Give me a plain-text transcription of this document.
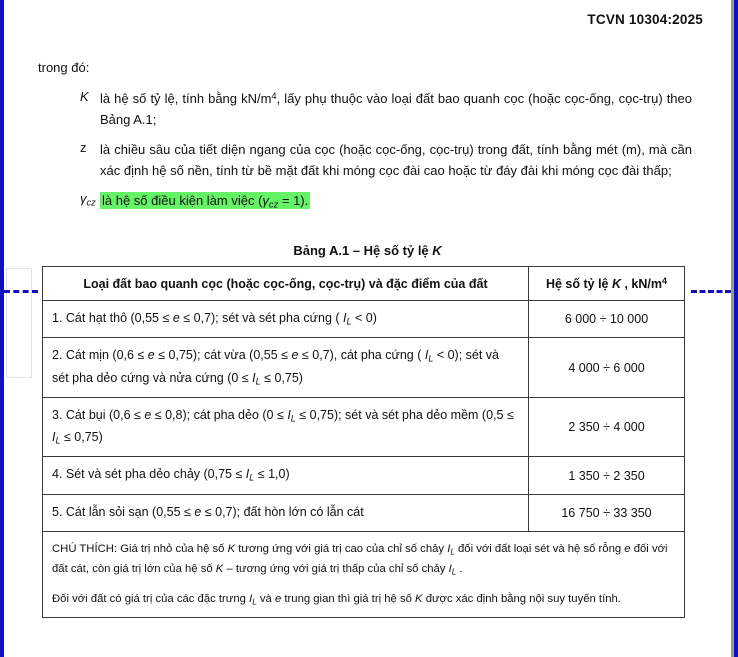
TCVN 10304:2025
trong đó:
K là hệ số tỷ lệ, tính bằng $kN/m^4$, lấy phụ thuộc vào loại đất bao quanh cọc (hoặc cọc-ống, cọc-trụ) theo Bảng A.1;
z	là chiều sâu của tiết diện ngang của cọc (hoặc cọc-ống, cọc-trụ) trong đất, tính bằng mét (m), mà cần xác định hệ số nền, tính từ bề mặt đất khi móng cọc đài cao hoặc từ đáy đài khi móng cọc đài thấp;
$\gamma_{cz}$ là hệ số điều kiện làm việc $(\gamma_{cz} = 1)$.
Bảng A.1 – Hệ số tỷ lệ K
Loại đất bao quanh cọc (hoặc cọc-ống, cọc-trụ) và đặc điểm của đất	Hệ số tỷ lệ K , $kN/m^4$
1. Cát hạt thô (0,55 ≤ e ≤ 0,7); sét và sét pha cứng ( $I_L < 0$)	6 000 ÷ 10 000
2. Cát mịn (0,6 ≤ e ≤ 0,75); cát vừa (0,55 ≤ e ≤ 0,7), cát pha cứng ( $I_L < 0$); sét và sét pha dẻo cứng và nửa cứng $(0 \le I_L \le 0,75)$	4 000 ÷ 6 000
3. Cát bụi (0,6 ≤ e ≤ 0,8); cát pha dẻo $(0 \le I_L \le 0,75)$; sét và sét pha dẻo mềm $(0,5 \le I_L \le 0,75)$	2 350 ÷ 4 000
4. Sét và sét pha dẻo chảy $(0,75 \le I_L \le 1,0)$	1 350 ÷ 2 350
5. Cát lẫn sỏi sạn (0,55 ≤ e ≤ 0,7); đất hòn lớn có lẫn cát	16 750 ÷ 33 350

CHÚ THÍCH: Giá trị nhỏ của hệ số K tương ứng với giá trị cao của chỉ số chảy $I_L$ đối với đất loại sét và hệ số rỗng e đối với đất cát, còn giá trị lớn của hệ số K – tương ứng với giá trị thấp của chỉ số chảy $I_L$ .

Đối với đất có giá trị của các đặc trưng $I_L$ và e trung gian thì giá trị hệ số K được xác định bằng nội suy tuyến tính.	
